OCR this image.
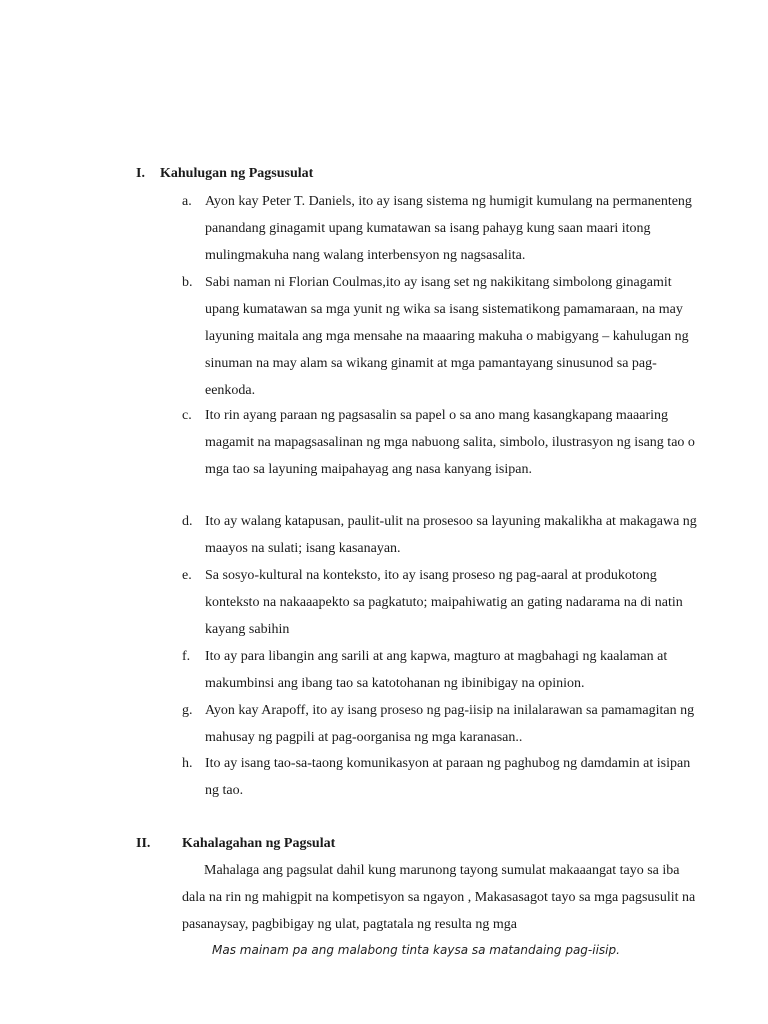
I. Kahulugan ng Pagsusulat
a. Ayon kay Peter T. Daniels, ito ay isang sistema ng humigit kumulang na permanenteng panandang ginagamit upang kumatawan sa isang pahayg kung saan maari itong mulingmakuha nang walang interbensyon ng nagsasalita.
b. Sabi naman ni Florian Coulmas,ito ay isang set ng nakikitang simbolong ginagamit upang kumatawan sa mga yunit ng wika sa isang sistematikong pamamaraan, na may layuning maitala ang mga mensahe na maaaring makuha o mabigyang – kahulugan ng sinuman na may alam sa wikang ginamit at mga pamantayang sinusunod sa pag-eenkoda.
c. Ito rin ayang paraan ng pagsasalin sa papel o sa ano mang kasangkapang maaaring magamit na mapagsasalinan ng mga nabuong salita, simbolo, ilustrasyon ng isang tao o mga tao sa layuning maipahayag ang nasa kanyang isipan.
d. Ito ay walang katapusan, paulit-ulit na prosesoo sa layuning makalikha at makagawa ng maayos na sulati; isang kasanayan.
e. Sa sosyo-kultural na konteksto, ito ay isang proseso ng pag-aaral at produkotong konteksto na nakaaapekto sa pagkatuto; maipahiwatig an gating nadarama na di natin kayang sabihin
f. Ito ay para libangin ang sarili at ang kapwa, magturo at magbahagi ng kaalaman at makumbinsi ang ibang tao sa katotohanan ng ibinibigay na opinion.
g. Ayon kay Arapoff, ito ay isang proseso ng pag-iisip na inilalarawan sa pamamagitan ng mahusay ng pagpili at pag-oorganisa ng mga karanasan..
h. Ito ay isang tao-sa-taong komunikasyon at paraan ng paghubog ng damdamin at isipan ng tao.
II. Kahalagahan ng Pagsulat
Mahalaga ang pagsulat dahil kung marunong tayong sumulat makaaangat tayo sa iba dala na rin ng mahigpit na kompetisyon sa ngayon , Makasasagot tayo sa mga pagsusulit na pasanaysay, pagbibigay ng ulat, pagtatala ng resulta ng mga
Mas mainam pa ang malabong tinta kaysa sa matandaing pag-iisip.
